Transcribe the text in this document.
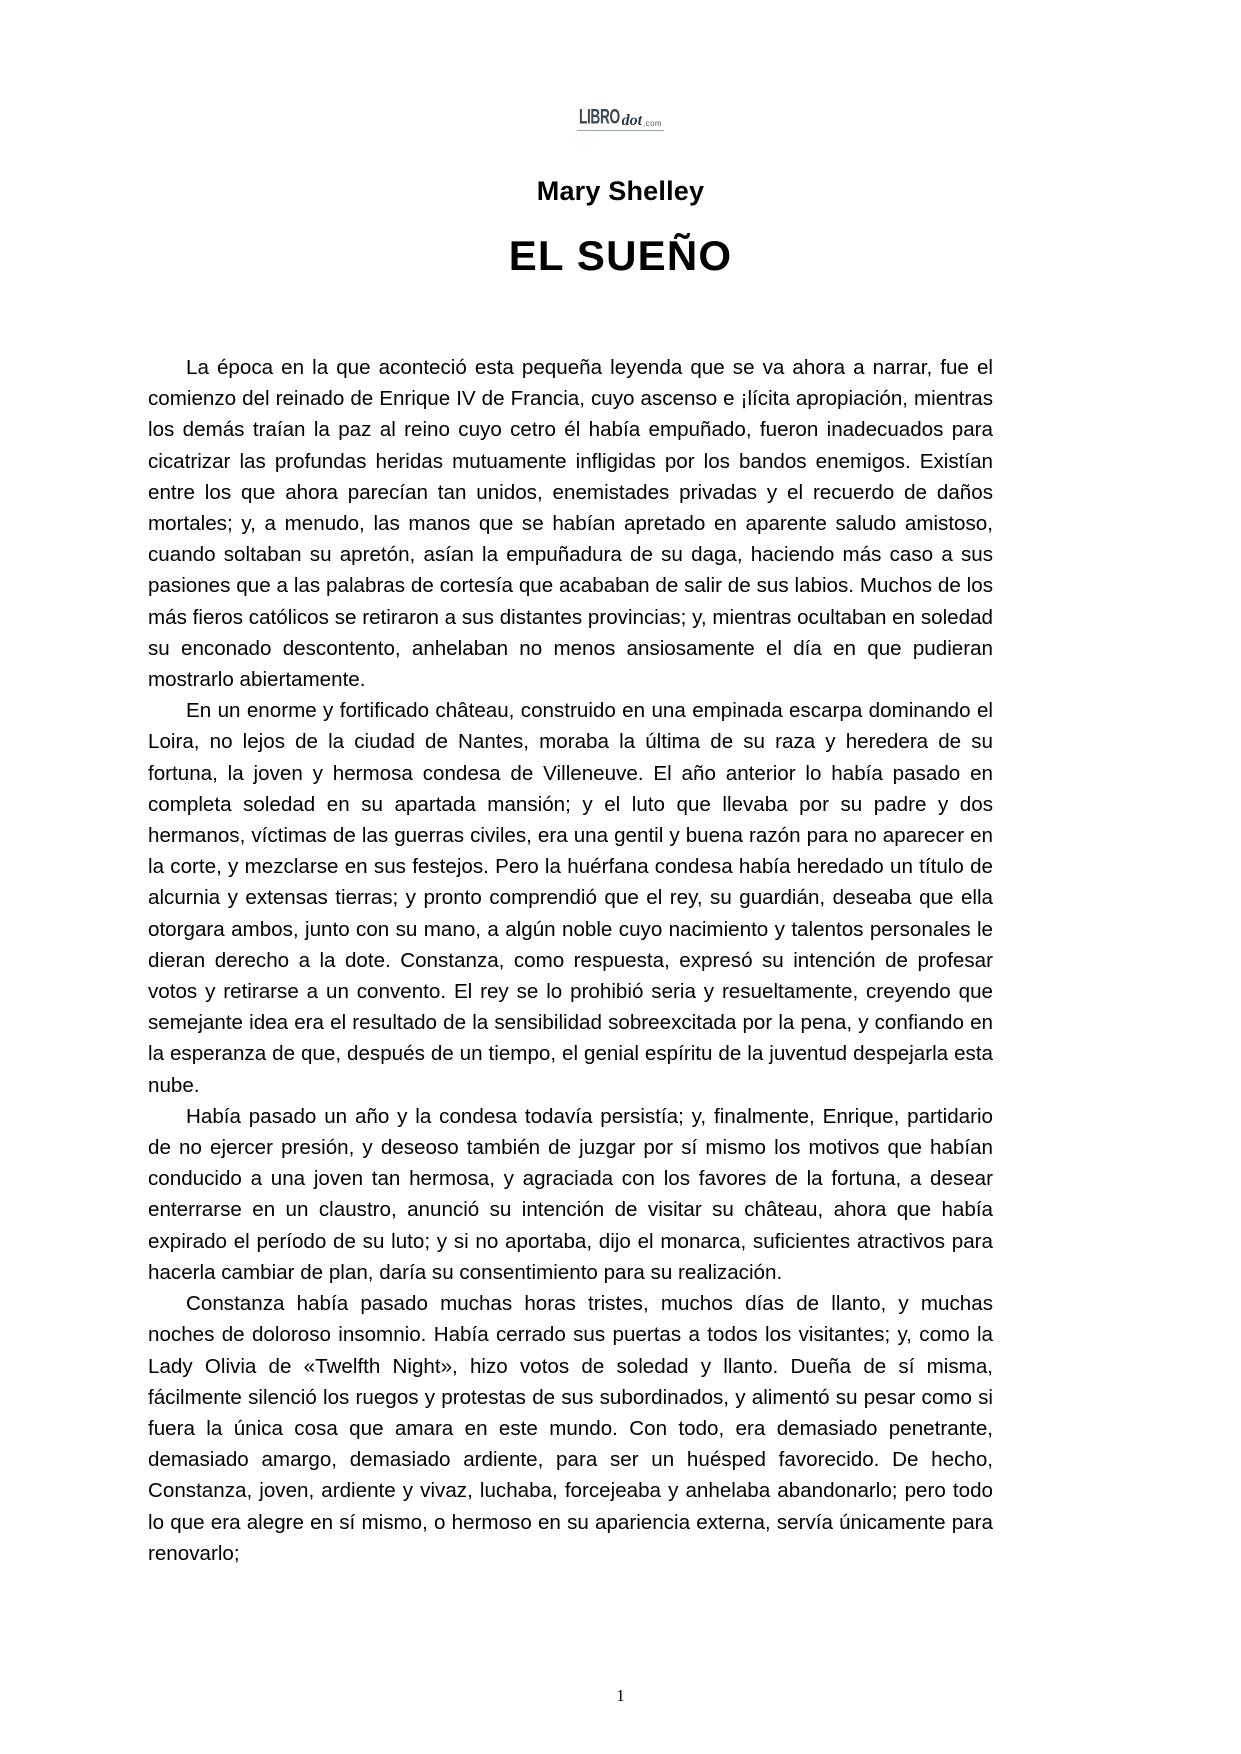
LIBRO dot.com
Mary Shelley
EL SUEÑO

La época en la que aconteció esta pequeña leyenda que se va ahora a narrar, fue el comienzo del reinado de Enrique IV de Francia, cuyo ascenso e ¡lícita apropiación, mientras los demás traían la paz al reino cuyo cetro él había empuñado, fueron inadecuados para cicatrizar las profundas heridas mutuamente infligidas por los bandos enemigos. Existían entre los que ahora parecían tan unidos, enemistades privadas y el recuerdo de daños mortales; y, a menudo, las manos que se habían apretado en aparente saludo amistoso, cuando soltaban su apretón, asían la empuñadura de su daga, haciendo más caso a sus pasiones que a las palabras de cortesía que acababan de salir de sus labios. Muchos de los más fieros católicos se retiraron a sus distantes provincias; y, mientras ocultaban en soledad su enconado descontento, anhelaban no menos ansiosamente el día en que pudieran mostrarlo abiertamente.

En un enorme y fortificado château, construido en una empinada escarpa dominando el Loira, no lejos de la ciudad de Nantes, moraba la última de su raza y heredera de su fortuna, la joven y hermosa condesa de Villeneuve. El año anterior lo había pasado en completa soledad en su apartada mansión; y el luto que llevaba por su padre y dos hermanos, víctimas de las guerras civiles, era una gentil y buena razón para no aparecer en la corte, y mezclarse en sus festejos. Pero la huérfana condesa había heredado un título de alcurnia y extensas tierras; y pronto comprendió que el rey, su guardián, deseaba que ella otorgara ambos, junto con su mano, a algún noble cuyo nacimiento y talentos personales le dieran derecho a la dote. Constanza, como respuesta, expresó su intención de profesar votos y retirarse a un convento. El rey se lo prohibió seria y resueltamente, creyendo que semejante idea era el resultado de la sensibilidad sobreexcitada por la pena, y confiando en la esperanza de que, después de un tiempo, el genial espíritu de la juventud despejarla esta nube.

Había pasado un año y la condesa todavía persistía; y, finalmente, Enrique, partidario de no ejercer presión, y deseoso también de juzgar por sí mismo los motivos que habían conducido a una joven tan hermosa, y agraciada con los favores de la fortuna, a desear enterrarse en un claustro, anunció su intención de visitar su château, ahora que había expirado el período de su luto; y si no aportaba, dijo el monarca, suficientes atractivos para hacerla cambiar de plan, daría su consentimiento para su realización.

Constanza había pasado muchas horas tristes, muchos días de llanto, y muchas noches de doloroso insomnio. Había cerrado sus puertas a todos los visitantes; y, como la Lady Olivia de «Twelfth Night», hizo votos de soledad y llanto. Dueña de sí misma, fácilmente silenció los ruegos y protestas de sus subordinados, y alimentó su pesar como si fuera la única cosa que amara en este mundo. Con todo, era demasiado penetrante, demasiado amargo, demasiado ardiente, para ser un huésped favorecido. De hecho, Constanza, joven, ardiente y vivaz, luchaba, forcejeaba y anhelaba abandonarlo; pero todo lo que era alegre en sí mismo, o hermoso en su apariencia externa, servía únicamente para renovarlo;

1
